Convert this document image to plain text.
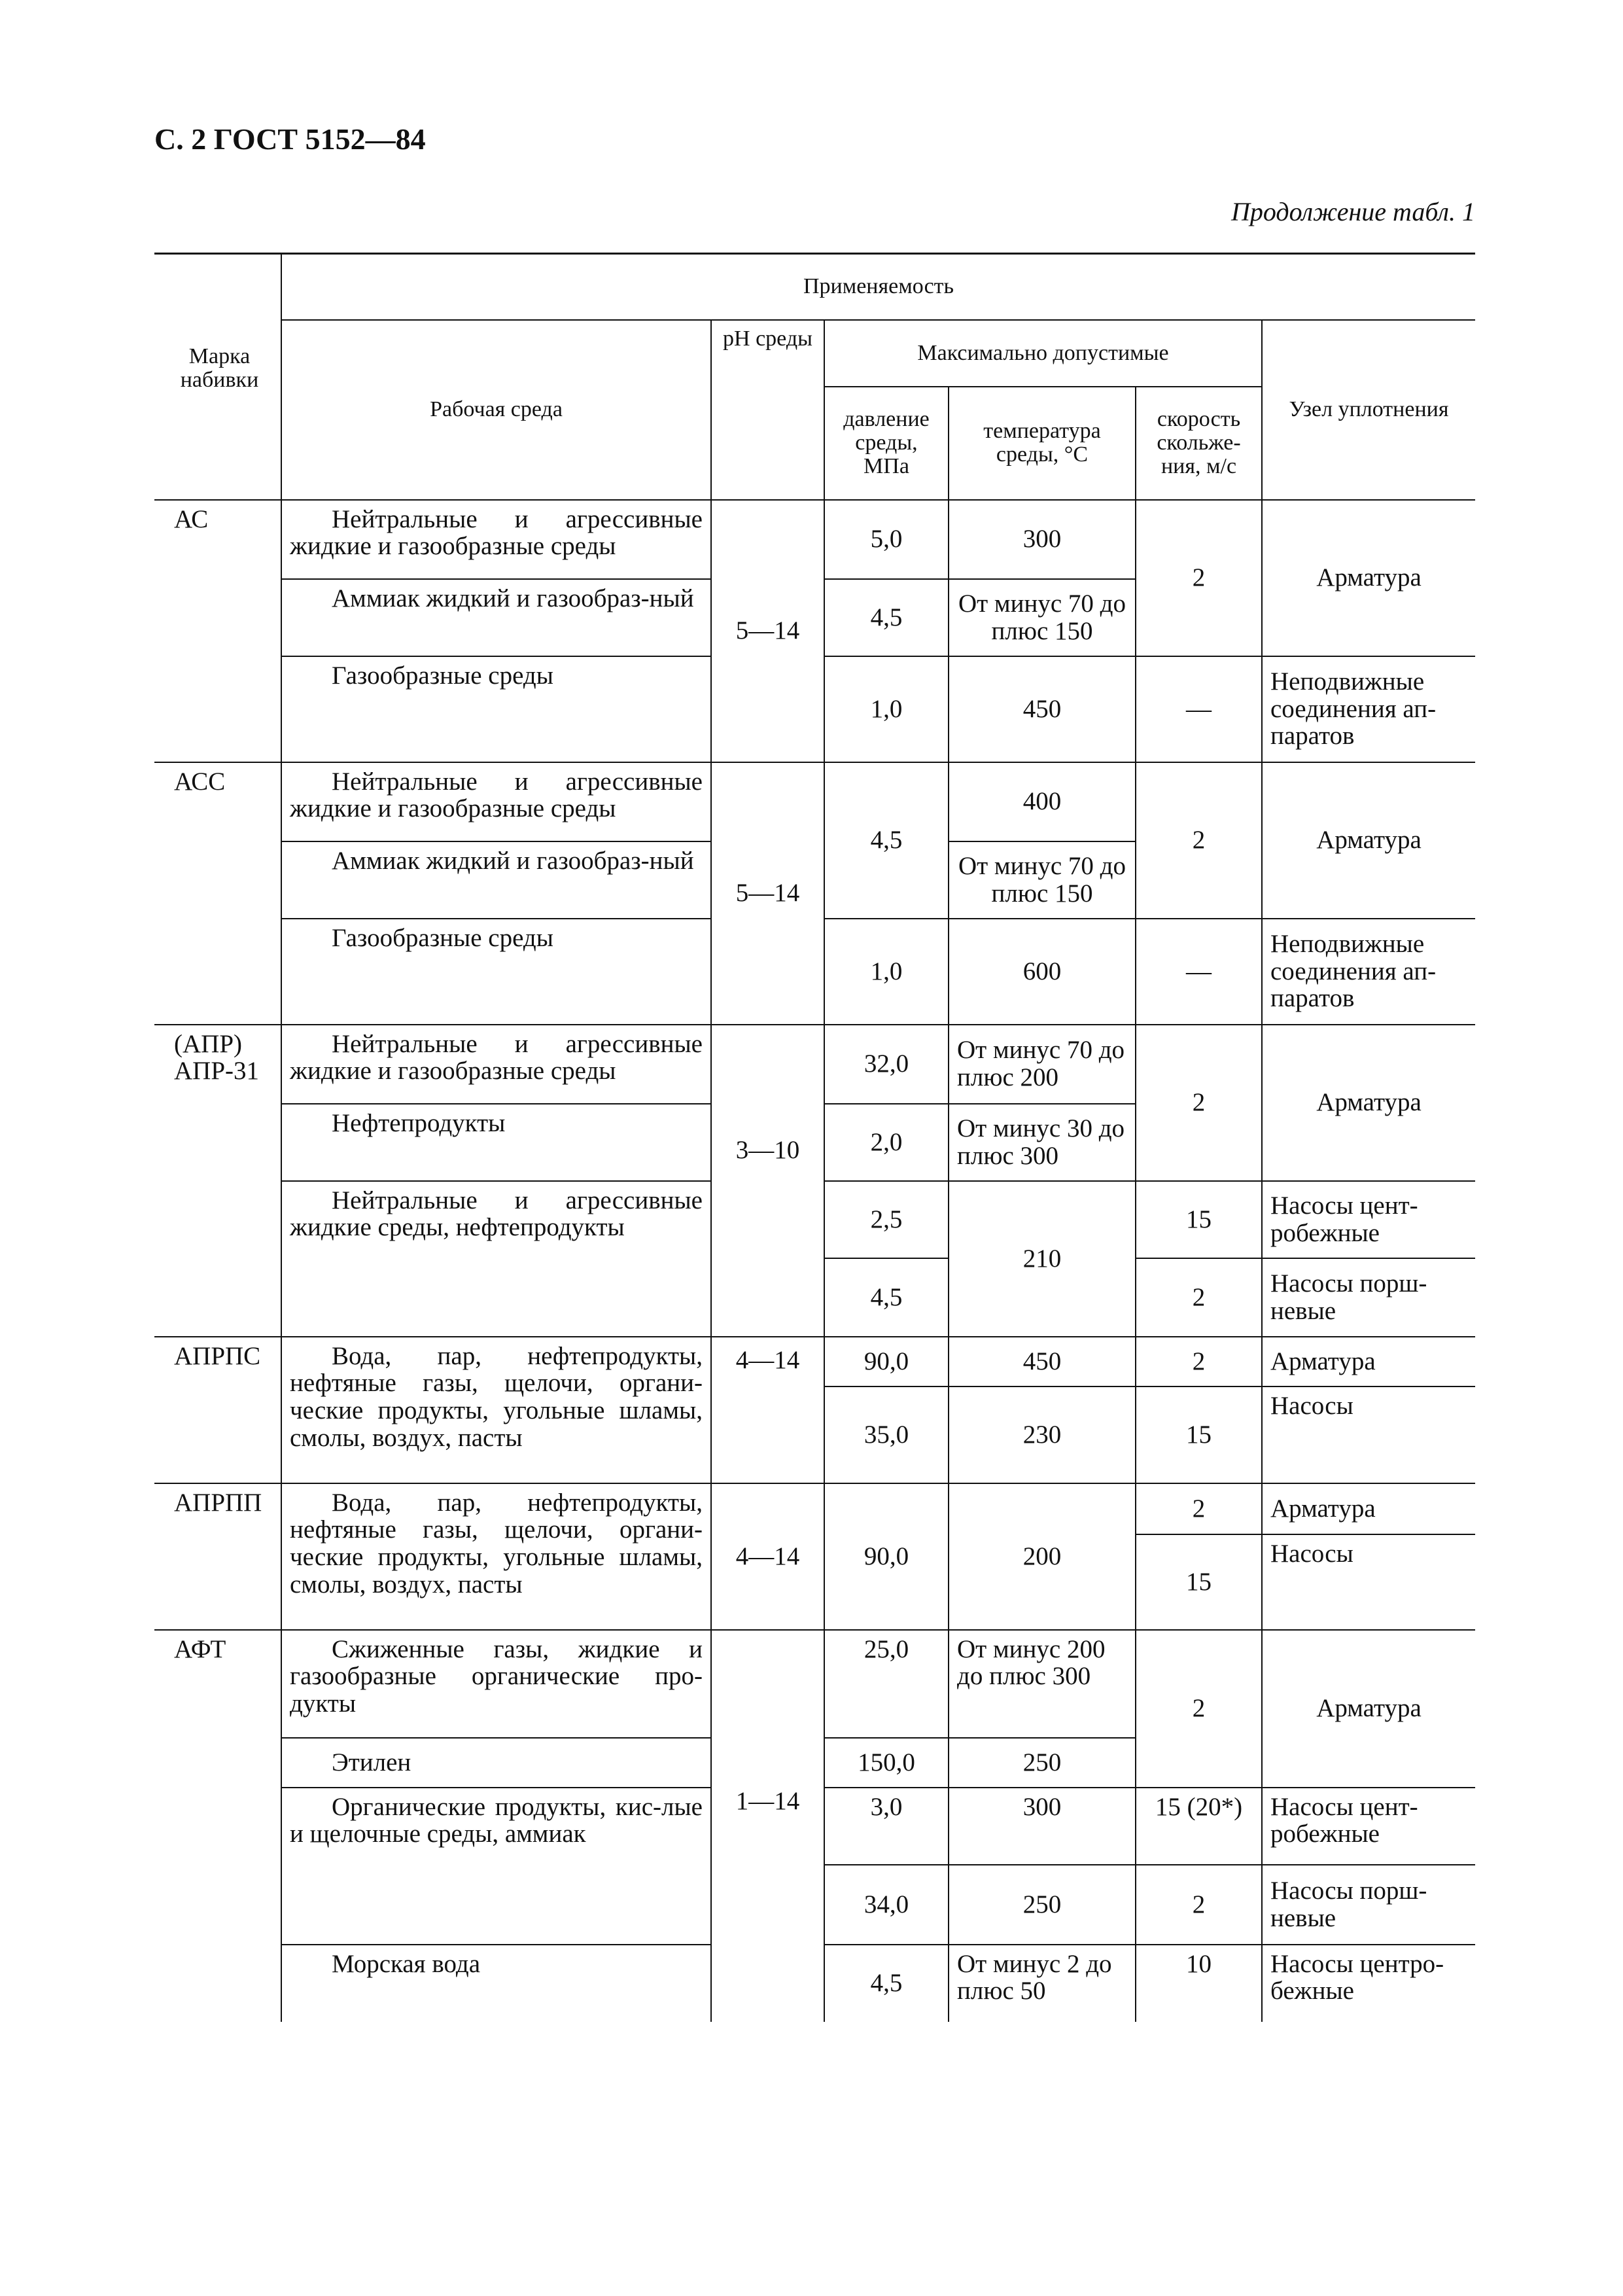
С. 2 ГОСТ 5152—84
Продолжение табл. 1
Марка набивки	Применяемость					
	Рабочая среда	pH среды	Максимально допустимые			Узел уплотнения
			давление среды, МПа	температура среды, °C	скорость скольже-ния, м/с	
АС	Нейтральные и агрессивные жидкие и газообразные среды	5—14	5,0	300	2	Арматура
	Аммиак жидкий и газообраз-ный		4,5	От минус 70 до плюс 150		
	Газообразные среды		1,0	450	—	Неподвижные соединения ап-паратов
АСС	Нейтральные и агрессивные жидкие и газообразные среды	5—14	4,5	400	2	Арматура
	Аммиак жидкий и газообраз-ный			От минус 70 до плюс 150		
	Газообразные среды		1,0	600	—	Неподвижные соединения ап-паратов
(АПР) АПР-31	Нейтральные и агрессивные жидкие и газообразные среды	3—10	32,0	От минус 70 до плюс 200	2	Арматура
	Нефтепродукты		2,0	От минус 30 до плюс 300		
	Нейтральные и агрессивные жидкие среды, нефтепродукты		2,5	210	15	Насосы цент-робежные
			4,5		2	Насосы порш-невые
АПРПС	Вода, пар, нефтепродукты, нефтяные газы, щелочи, органи-ческие продукты, угольные шламы, смолы, воздух, пасты	4—14	90,0	450	2	Арматура
			35,0	230	15	Насосы
АПРПП	Вода, пар, нефтепродукты, нефтяные газы, щелочи, органи-ческие продукты, угольные шламы, смолы, воздух, пасты	4—14	90,0	200	2	Арматура
					15	Насосы
АФТ	Сжиженные газы, жидкие и газообразные органические про-дукты	1—14	25,0	От минус 200 до плюс 300	2	Арматура
	Этилен		150,0	250		
	Органические продукты, кис-лые и щелочные среды, аммиак		3,0	300	15 (20*)	Насосы цент-робежные
			34,0	250	2	Насосы порш-невые
	Морская вода		4,5	От минус 2 до плюс 50	10	Насосы центро-бежные
